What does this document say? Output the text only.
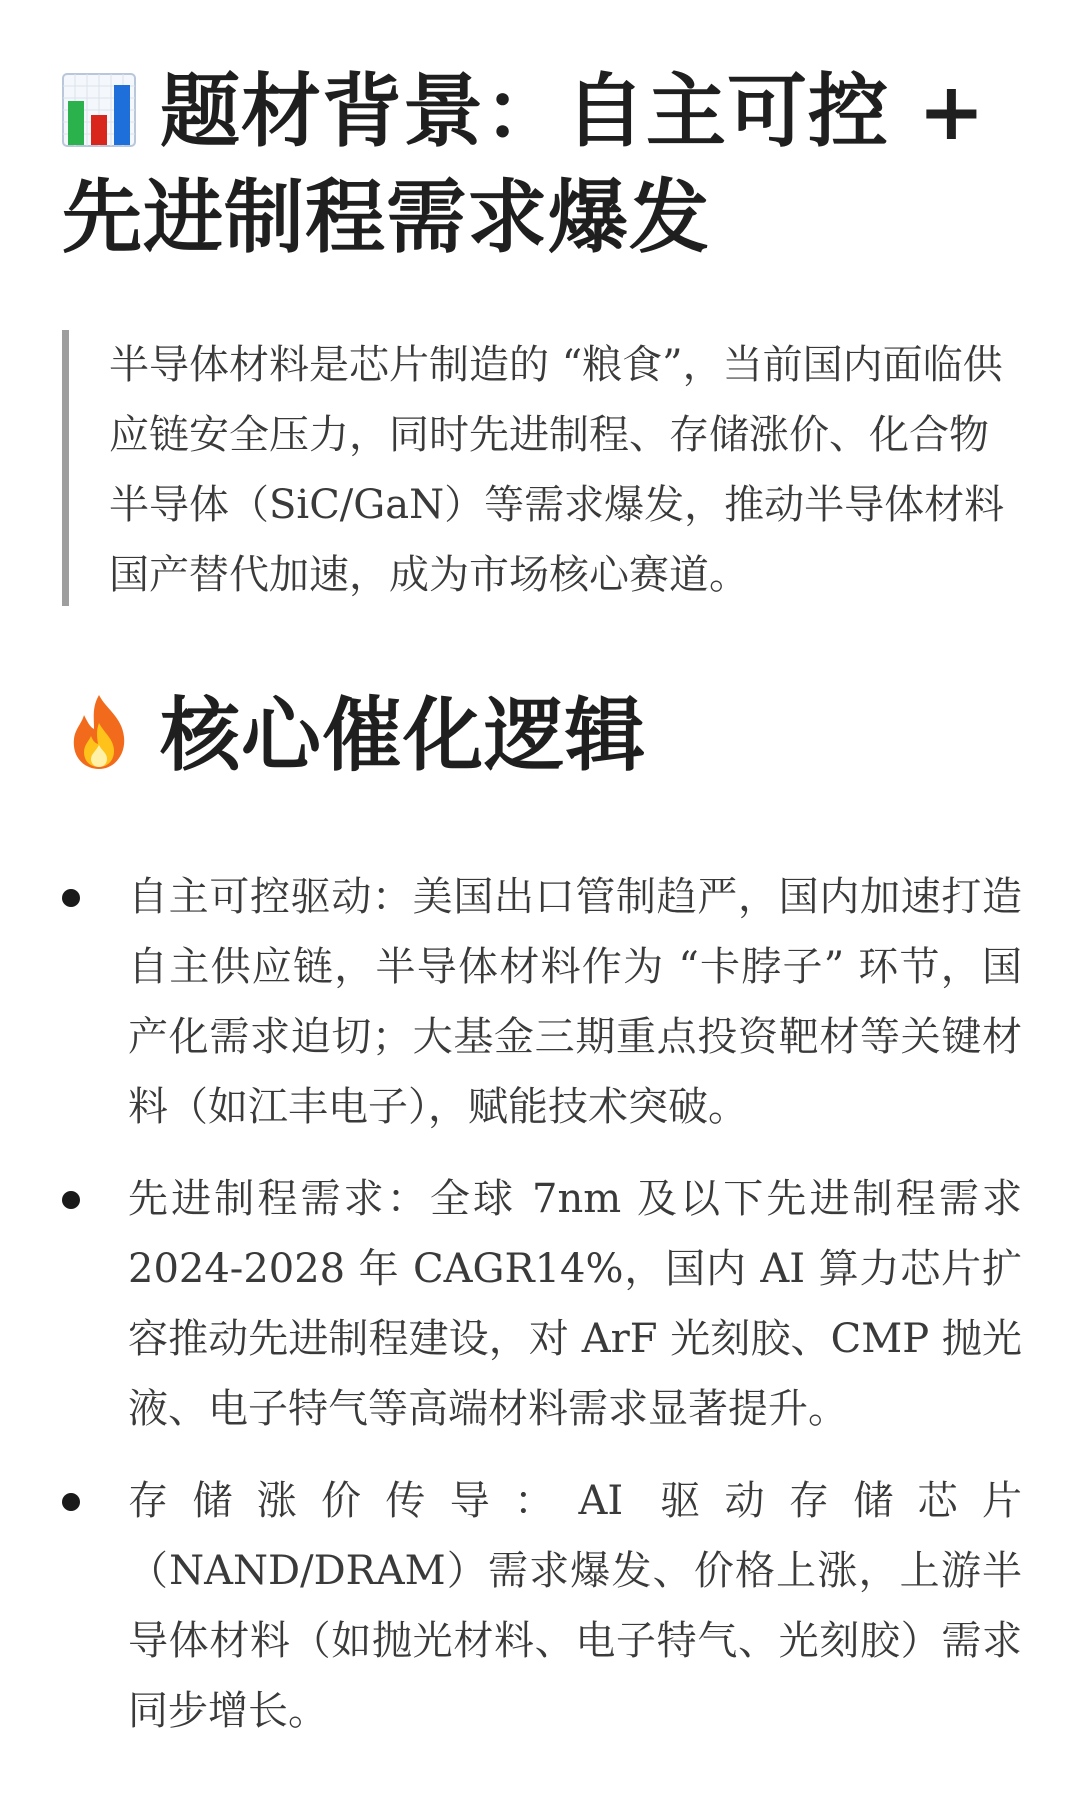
题材背景：自主可控 + 先进制程需求爆发
半导体材料是芯片制造的 “粮食”，当前国内面临供应链安全压力，同时先进制程、存储涨价、化合物半导体（SiC/GaN）等需求爆发，推动半导体材料国产替代加速，成为市场核心赛道。
核心催化逻辑
自主可控驱动：美国出口管制趋严，国内加速打造自主供应链，半导体材料作为 “卡脖子” 环节，国产化需求迫切；大基金三期重点投资靶材等关键材料（如江丰电子），赋能技术突破。
先进制程需求：全球 7nm 及以下先进制程需求 2024-2028 年 CAGR14%，国内 AI 算力芯片扩容推动先进制程建设，对 ArF 光刻胶、CMP 抛光液、电子特气等高端材料需求显著提升。
存储涨价传导：AI 驱动存储芯片（NAND/DRAM）需求爆发、价格上涨，上游半导体材料（如抛光材料、电子特气、光刻胶）需求同步增长。
